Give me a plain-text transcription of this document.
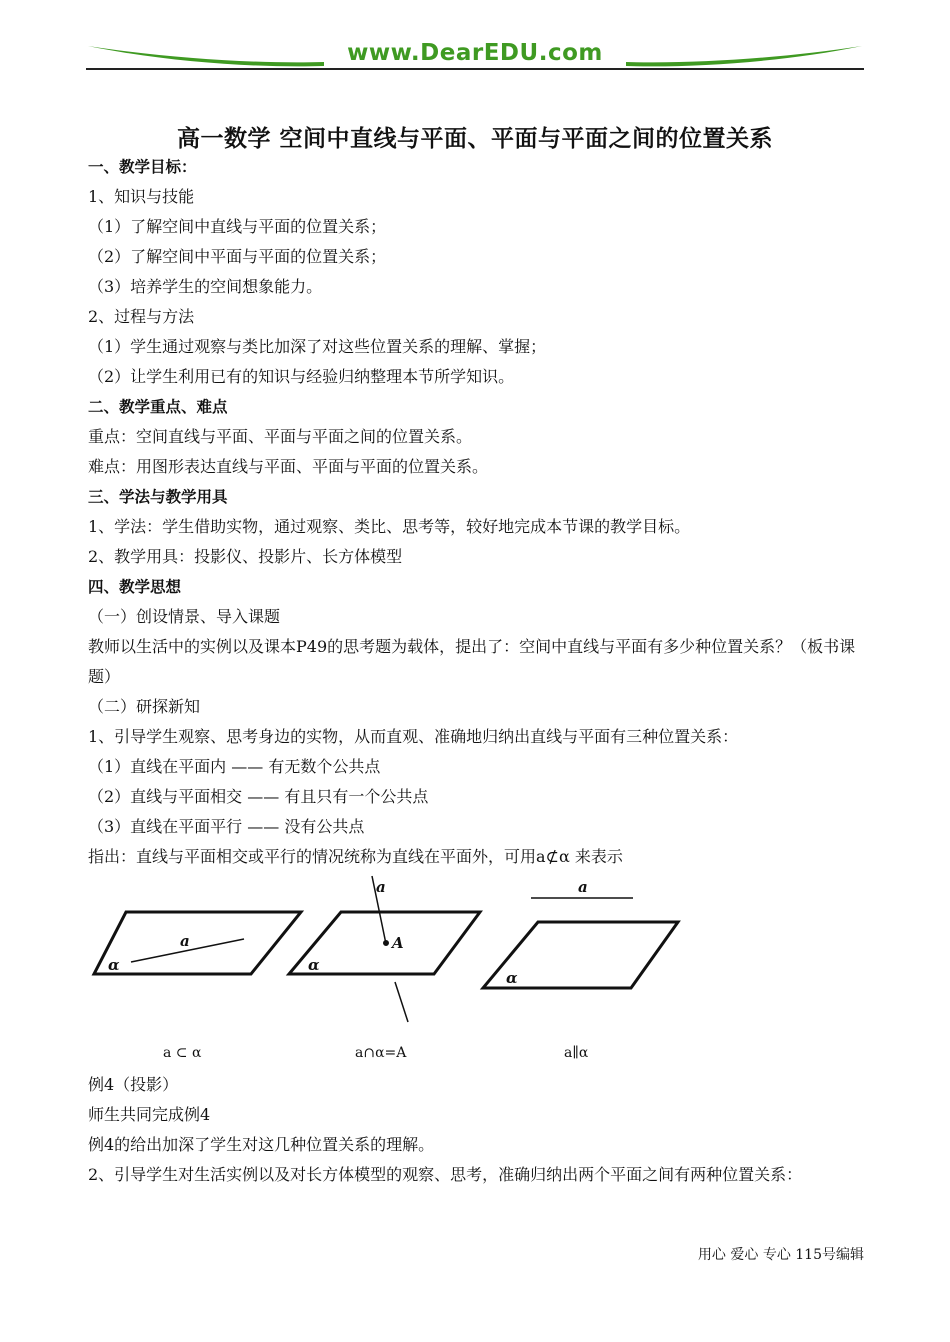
www.DearEDU.com
高一数学 空间中直线与平面、平面与平面之间的位置关系

一、教学目标：

1、知识与技能

（1）了解空间中直线与平面的位置关系；

（2）了解空间中平面与平面的位置关系；

（3）培养学生的空间想象能力。

2、过程与方法

（1）学生通过观察与类比加深了对这些位置关系的理解、掌握；

（2）让学生利用已有的知识与经验归纳整理本节所学知识。

二、教学重点、难点

重点：空间直线与平面、平面与平面之间的位置关系。

难点：用图形表达直线与平面、平面与平面的位置关系。

三、学法与教学用具

1、学法：学生借助实物，通过观察、类比、思考等，较好地完成本节课的教学目标。

2、教学用具：投影仪、投影片、长方体模型

四、教学思想

（一）创设情景、导入课题

教师以生活中的实例以及课本P49的思考题为载体，提出了：空间中直线与平面有多少种位置关系？（板书课题）

（二）研探新知

1、引导学生观察、思考身边的实物，从而直观、准确地归纳出直线与平面有三种位置关系：

（1）直线在平面内 —— 有无数个公共点

（2）直线与平面相交 —— 有且只有一个公共点

（3）直线在平面平行 —— 没有公共点

指出：直线与平面相交或平行的情况统称为直线在平面外，可用a⊄α 来表示

a
α
a
A
α
a
α
a ⊂ α	a∩α=A	a∥α

例4（投影）

师生共同完成例4

例4的给出加深了学生对这几种位置关系的理解。

2、引导学生对生活实例以及对长方体模型的观察、思考，准确归纳出两个平面之间有两种位置关系：

用心 爱心 专心 115号编辑
